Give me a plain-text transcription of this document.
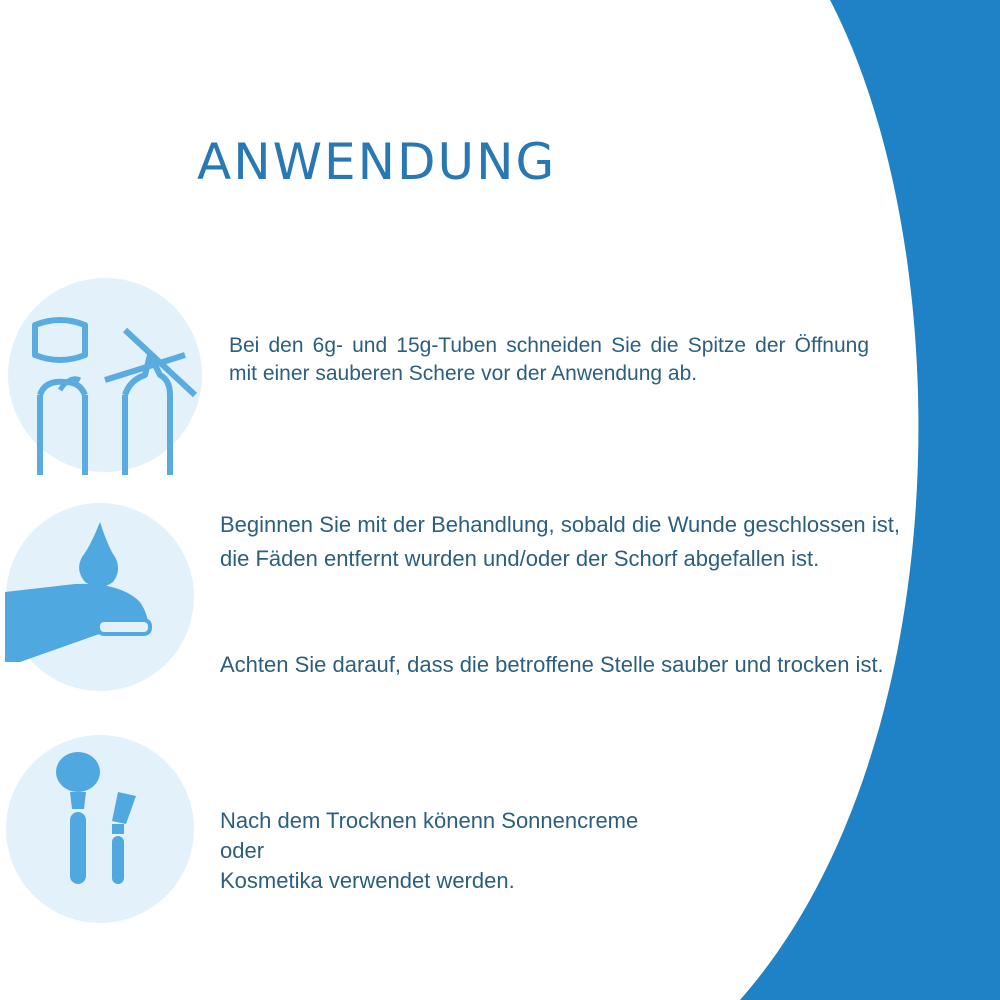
ANWENDUNG

Bei den 6g- und 15g-Tuben schneiden Sie die Spitze der Öffnung mit einer sauberen Schere vor der Anwendung ab.

Beginnen Sie mit der Behandlung, sobald die Wunde geschlossen ist, die Fäden entfernt wurden und/oder der Schorf abgefallen ist.

Achten Sie darauf, dass die betroffene Stelle sauber und trocken ist.

Nach dem Trocknen könenn Sonnencreme
oder
Kosmetika verwendet werden.
